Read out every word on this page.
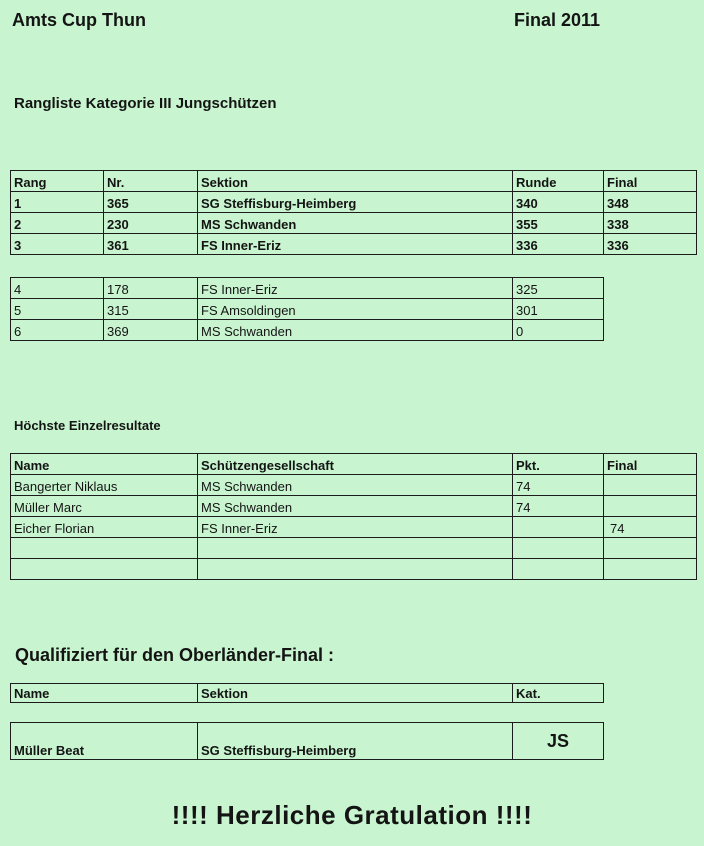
Amts Cup Thun	Final 2011
Rangliste Kategorie III Jungschützen
Rang	Nr.	Sektion	Runde	Final
1	365	SG Steffisburg-Heimberg	340	348
2	230	MS Schwanden	355	338
3	361	FS Inner-Eriz	336	336
4	178	FS Inner-Eriz	325
5	315	FS Amsoldingen	301
6	369	MS Schwanden	0
Höchste Einzelresultate
Name	Schützengesellschaft	Pkt.	Final
Bangerter Niklaus	MS Schwanden	74	
Müller Marc	MS Schwanden	74	
Eicher Florian	FS Inner-Eriz		74

Qualifiziert für den Oberländer-Final :
Name	Sektion	Kat.
Müller Beat	SG Steffisburg-Heimberg	JS
!!!! Herzliche Gratulation !!!!
